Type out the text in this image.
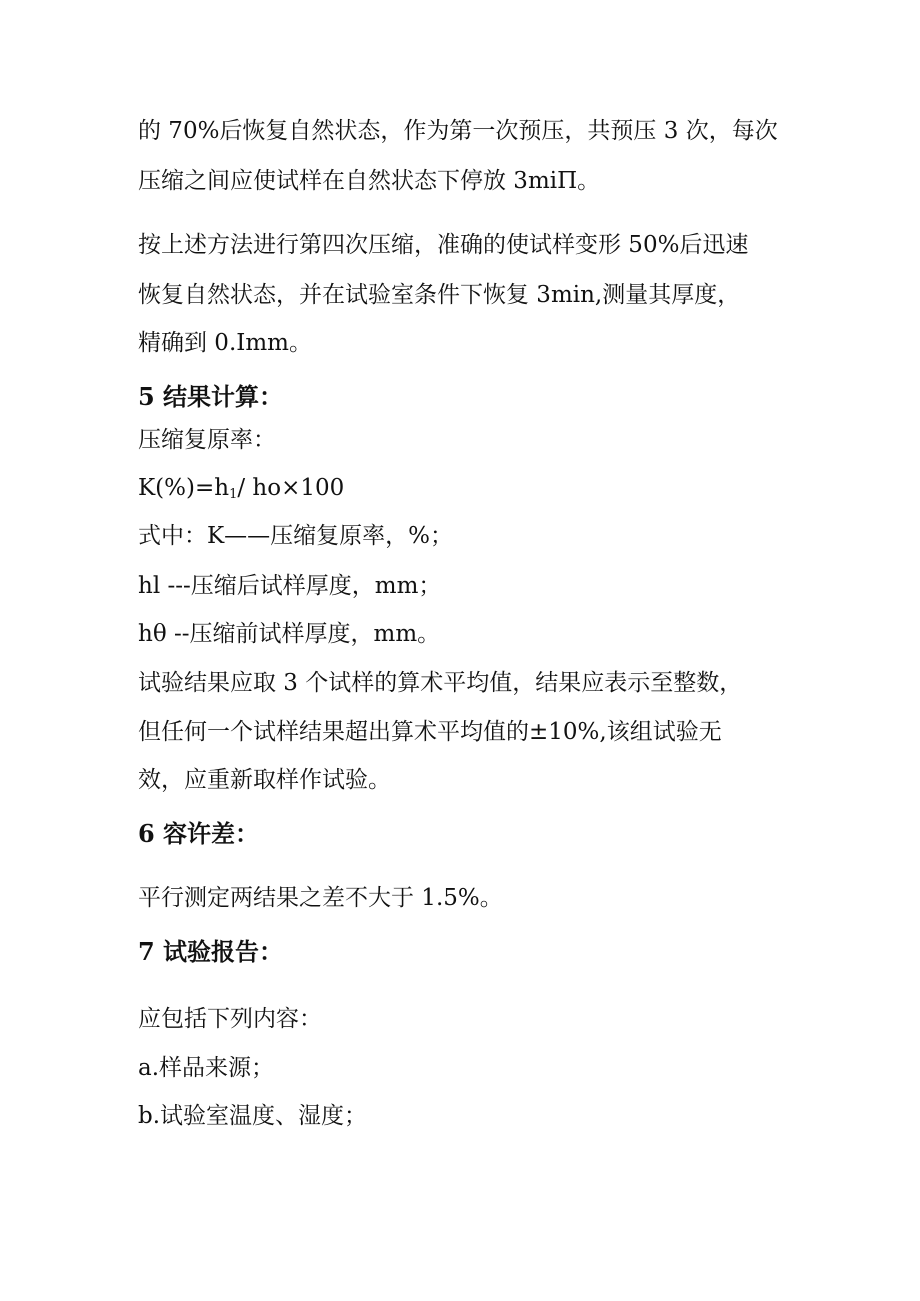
的 70%后恢复自然状态，作为第一次预压，共预压 3 次，每次
压缩之间应使试样在自然状态下停放 3miΠ。
按上述方法进行第四次压缩，准确的使试样变形 50%后迅速
恢复自然状态，并在试验室条件下恢复 3min,测量其厚度，
精确到 0.Imm。
5 结果计算：
压缩复原率：
$K(\%)=h_1/$ ho×100
式中：K——压缩复原率，%；
hl ---压缩后试样厚度，mm；
hθ --压缩前试样厚度，mm。
试验结果应取 3 个试样的算术平均值，结果应表示至整数，
但任何一个试样结果超出算术平均值的±10%,该组试验无
效，应重新取样作试验。
6 容许差：
平行测定两结果之差不大于 1.5%。
7 试验报告：
应包括下列内容：
a.样品来源；
b.试验室温度、湿度；
